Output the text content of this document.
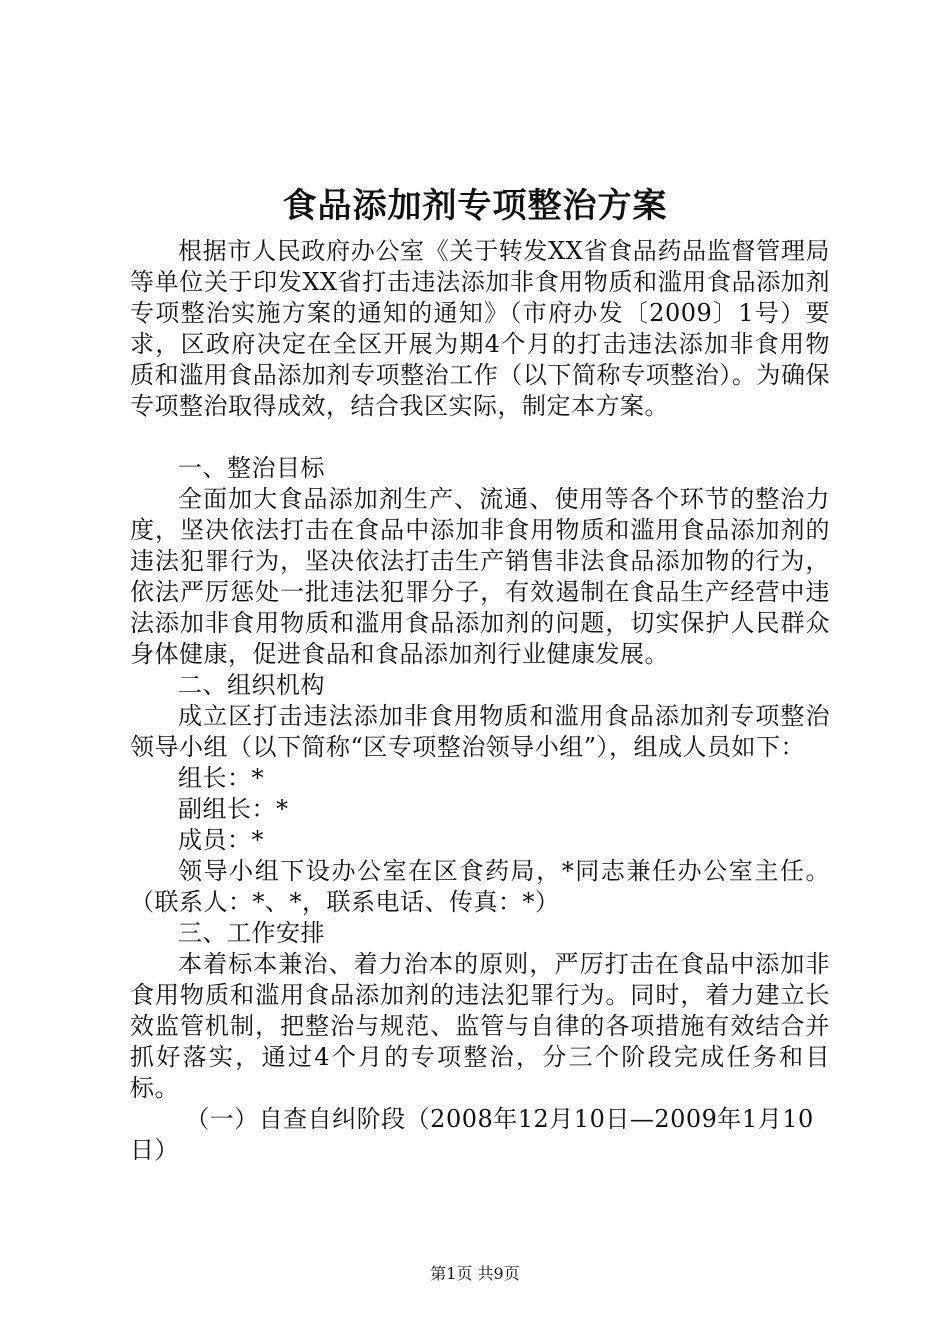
食品添加剂专项整治方案

根据市人民政府办公室《关于转发XX省食品药品监督管理局等单位关于印发XX省打击违法添加非食用物质和滥用食品添加剂专项整治实施方案的通知的通知》（市府办发〔2009〕1号）要求，区政府决定在全区开展为期4个月的打击违法添加非食用物质和滥用食品添加剂专项整治工作（以下简称专项整治）。为确保专项整治取得成效，结合我区实际，制定本方案。

一、整治目标

全面加大食品添加剂生产、流通、使用等各个环节的整治力度，坚决依法打击在食品中添加非食用物质和滥用食品添加剂的违法犯罪行为，坚决依法打击生产销售非法食品添加物的行为，依法严厉惩处一批违法犯罪分子，有效遏制在食品生产经营中违法添加非食用物质和滥用食品添加剂的问题，切实保护人民群众身体健康，促进食品和食品添加剂行业健康发展。

二、组织机构

成立区打击违法添加非食用物质和滥用食品添加剂专项整治领导小组（以下简称“区专项整治领导小组”），组成人员如下：

组长：*

副组长：*

成员：*

领导小组下设办公室在区食药局，*同志兼任办公室主任。（联系人：*、*，联系电话、传真：*）

三、工作安排

本着标本兼治、着力治本的原则，严厉打击在食品中添加非食用物质和滥用食品添加剂的违法犯罪行为。同时，着力建立长效监管机制，把整治与规范、监管与自律的各项措施有效结合并抓好落实，通过4个月的专项整治，分三个阶段完成任务和目标。

（一）自查自纠阶段（2008年12月10日—2009年1月10日）

第1页 共9页
